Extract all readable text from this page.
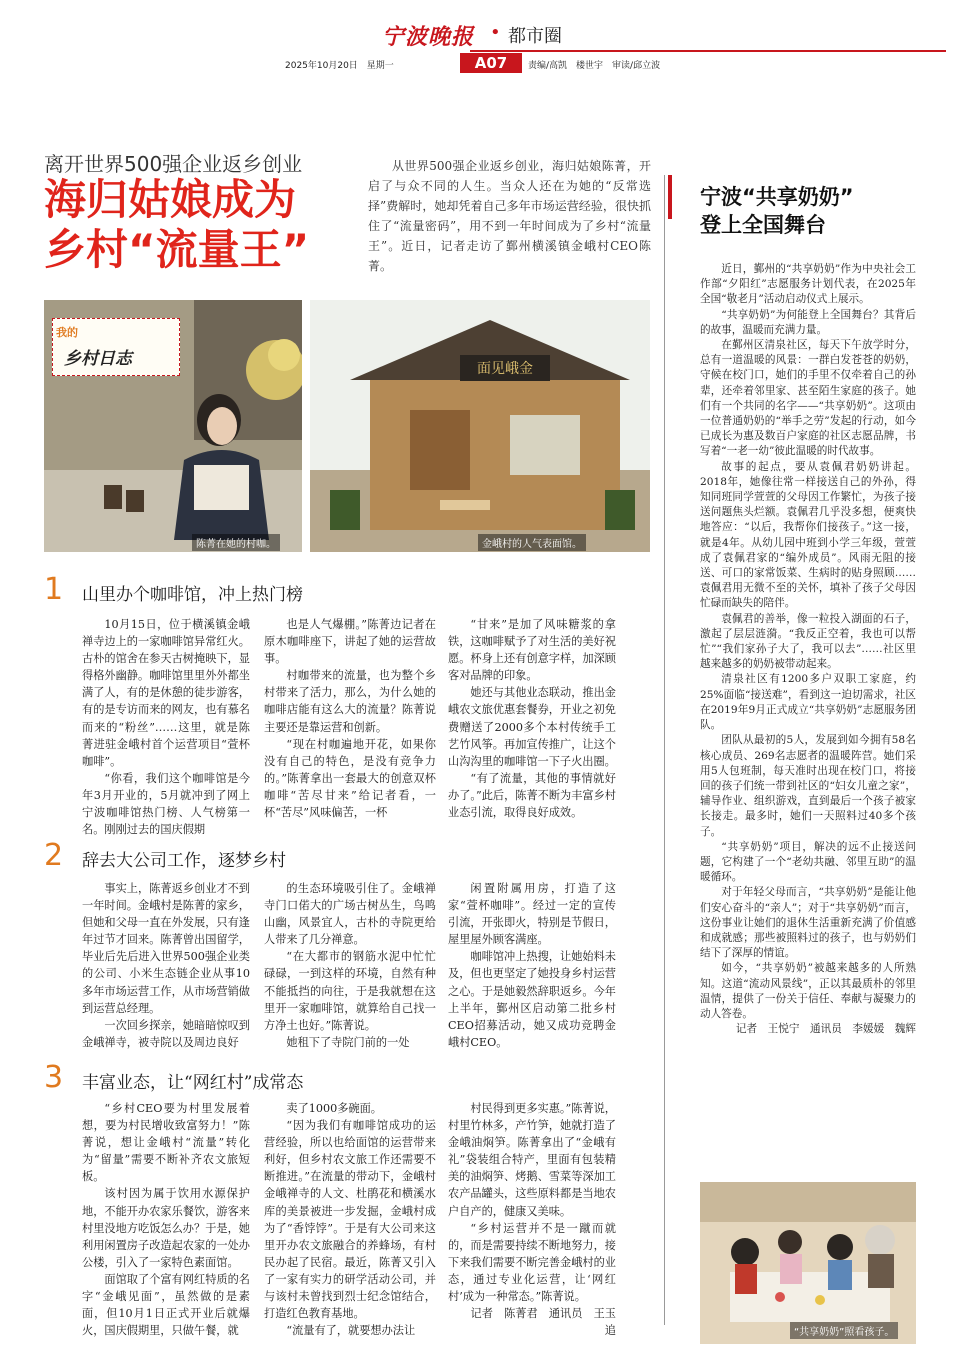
宁波晚报 • 都市圈
2025年10月20日　星期一	A07	责编/高凯　楼世宇　审读/邱立波
离开世界500强企业返乡创业
海归姑娘成为
乡村“流量王”
从世界500强企业返乡创业，海归姑娘陈菁，开启了与众不同的人生。当众人还在为她的“反常选择”费解时，她却凭着自己多年市场运营经验，很快抓住了“流量密码”，用不到一年时间成为了乡村“流量王”。近日，记者走访了鄞州横溪镇金峨村CEO陈菁。
我的
乡村日志
陈菁在她的村咖。
面见峨金
金峨村的人气表面馆。
1 山里办个咖啡馆，冲上热门榜

10月15日，位于横溪镇金峨禅寺边上的一家咖啡馆异常红火。古朴的馆舍在参天古树掩映下，显得格外幽静。咖啡馆里里外外都坐满了人，有的是休憩的徒步游客，有的是专访而来的网友，也有慕名而来的“粉丝”……这里，就是陈菁进驻金峨村首个运营项目“萱杯咖啡”。

“你看，我们这个咖啡馆是今年3月开业的，5月就冲到了网上宁波咖啡馆热门榜、人气榜第一名。刚刚过去的国庆假期

也是人气爆棚。”陈菁边记者在原木咖啡座下，讲起了她的运营故事。

村咖带来的流量，也为整个乡村带来了活力，那么，为什么她的咖啡店能有这么大的流量？陈菁说主要还是靠运营和创新。

“现在村咖遍地开花，如果你没有自己的特色，是没有竞争力的。”陈菁拿出一套最大的创意双杯咖啡“苦尽甘来”给记者看，一杯“苦尽”风味偏苦，一杯

“甘来”是加了风味糖浆的拿铁，这咖啡赋予了对生活的美好祝愿。杯身上还有创意字样，加深顾客对品牌的印象。

她还与其他业态联动，推出金峨农文旅优惠套餐券，开业之初免费赠送了2000多个本村传统手工艺竹风筝。再加宣传推广，让这个山沟沟里的咖啡馆一下子火出圈。

“有了流量，其他的事情就好办了。”此后，陈菁不断为丰富乡村业态引流，取得良好成效。

2 辞去大公司工作，逐梦乡村

事实上，陈菁返乡创业才不到一年时间。金峨村是陈菁的家乡，但她和父母一直在外发展，只有逢年过节才回来。陈菁曾出国留学，毕业后先后进入世界500强企业类的公司、小米生态链企业从事10多年市场运营工作，从市场营销做到运营总经理。

一次回乡探亲，她暗暗惊叹到金峨禅寺，被寺院以及周边良好

的生态环境吸引住了。金峨禅寺门口偌大的广场古树丛生，鸟鸣山幽，风景宜人，古朴的寺院更给人带来了几分禅意。

“在大都市的钢筋水泥中忙忙碌碌，一到这样的环境，自然有种不能抵挡的向往，于是我就想在这里开一家咖啡馆，就算给自己找一方净土也好。”陈菁说。

她租下了寺院门前的一处

闲置附属用房，打造了这家“萱杯咖啡”。经过一定的宣传引流，开张即火，特别是节假日，屋里屋外顾客满座。

咖啡馆冲上热搜，让她始料未及，但也更坚定了她投身乡村运营之心。于是她毅然辞职返乡。今年上半年，鄞州区启动第二批乡村CEO招募活动，她又成功竞聘金峨村CEO。

3 丰富业态，让“网红村”成常态

“乡村CEO要为村里发展着想，要为村民增收致富努力！”陈菁说，想让金峨村“流量”转化为“留量”需要不断补齐农文旅短板。

该村因为属于饮用水源保护地，不能开办农家乐餐饮，游客来村里没地方吃饭怎么办？于是，她利用闲置房子改造起农家的一处办公楼，引入了一家特色素面馆。

面馆取了个富有网红特质的名字“金峨见面”，虽然做的是素面，但10月1日正式开业后就爆火，国庆假期里，只做午餐，就

卖了1000多碗面。

“因为我们有咖啡馆成功的运营经验，所以也给面馆的运营带来利好，但乡村农文旅工作还需要不断推进。”在流量的带动下，金峨村金峨禅寺的人文、杜鹃花和横溪水库的美景被进一步发掘，金峨村成为了“香饽饽”。于是有大公司来这里开办农文旅融合的养蜂场，有村民办起了民宿。最近，陈菁又引入了一家有实力的研学活动公司，并与该村未曾找到烈士纪念馆结合，打造红色教育基地。

“流量有了，就要想办法让

村民得到更多实惠。”陈菁说，村里竹林多，产竹笋，她就打造了金峨油焖笋。陈菁拿出了“金峨有礼”袋装组合特产，里面有包装精美的油焖笋、烤鹅、雪菜等深加工农产品罐头，这些原料都是当地农户自产的，健康又美味。

“乡村运营并不是一蹴而就的，而是需要持续不断地努力，接下来我们需要不断完善金峨村的业态，通过专业化运营，让‘网红村’成为一种常态。”陈菁说。

记者　陈菁君　通讯员　王玉追

宁波“共享奶奶”
登上全国舞台

近日，鄞州的“共享奶奶”作为中央社会工作部“夕阳红”志愿服务计划代表，在2025年全国“敬老月”活动启动仪式上展示。

“共享奶奶”为何能登上全国舞台？其背后的故事，温暖而充满力量。

在鄞州区清泉社区，每天下午放学时分，总有一道温暖的风景：一群白发苍苍的奶奶，守候在校门口，她们的手里不仅牵着自己的孙辈，还牵着邻里家、甚至陌生家庭的孩子。她们有一个共同的名字——“共享奶奶”。这项由一位普通奶奶的“举手之劳”发起的行动，如今已成长为惠及数百户家庭的社区志愿品牌，书写着“一老一幼”彼此温暖的时代故事。

故事的起点，要从袁佩君奶奶讲起。2018年，她像往常一样接送自己的外孙，得知同班同学萱萱的父母因工作繁忙，为孩子接送问题焦头烂额。袁佩君几乎没多想，便爽快地答应：“以后，我帮你们接孩子。”这一接，就是4年。从幼儿园中班到小学三年级，萱萱成了袁佩君家的“编外成员”。风雨无阻的接送、可口的家常饭菜、生病时的贴身照顾……袁佩君用无微不至的关怀，填补了孩子父母因忙碌而缺失的陪伴。

袁佩君的善举，像一粒投入湖面的石子，激起了层层涟漪。“我反正空着，我也可以帮忙”“我们家孙子大了，我可以去”……社区里越来越多的奶奶被带动起来。

清泉社区有1200多户双职工家庭，约25%面临“接送难”，看到这一迫切需求，社区在2019年9月正式成立“共享奶奶”志愿服务团队。

团队从最初的5人，发展到如今拥有58名核心成员、269名志愿者的温暖阵营。她们采用5人包班制，每天准时出现在校门口，将接回的孩子们统一带到社区的“妇女儿童之家”，辅导作业、组织游戏，直到最后一个孩子被家长接走。最多时，她们一天照料过40多个孩子。

“共享奶奶”项目，解决的远不止接送问题，它构建了一个“老幼共融、邻里互助”的温暖循环。

对于年轻父母而言，“共享奶奶”是能让他们安心奋斗的“亲人”；对于“共享奶奶”而言，这份事业让她们的退休生活重新充满了价值感和成就感；那些被照料过的孩子，也与奶奶们结下了深厚的情谊。

如今，“共享奶奶”被越来越多的人所熟知。这道“流动风景线”，正以其最质朴的邻里温情，提供了一份关于信任、奉献与凝聚力的动人答卷。

记者　王悦宁　通讯员　李媛媛　魏辉

“共享奶奶”照看孩子。
